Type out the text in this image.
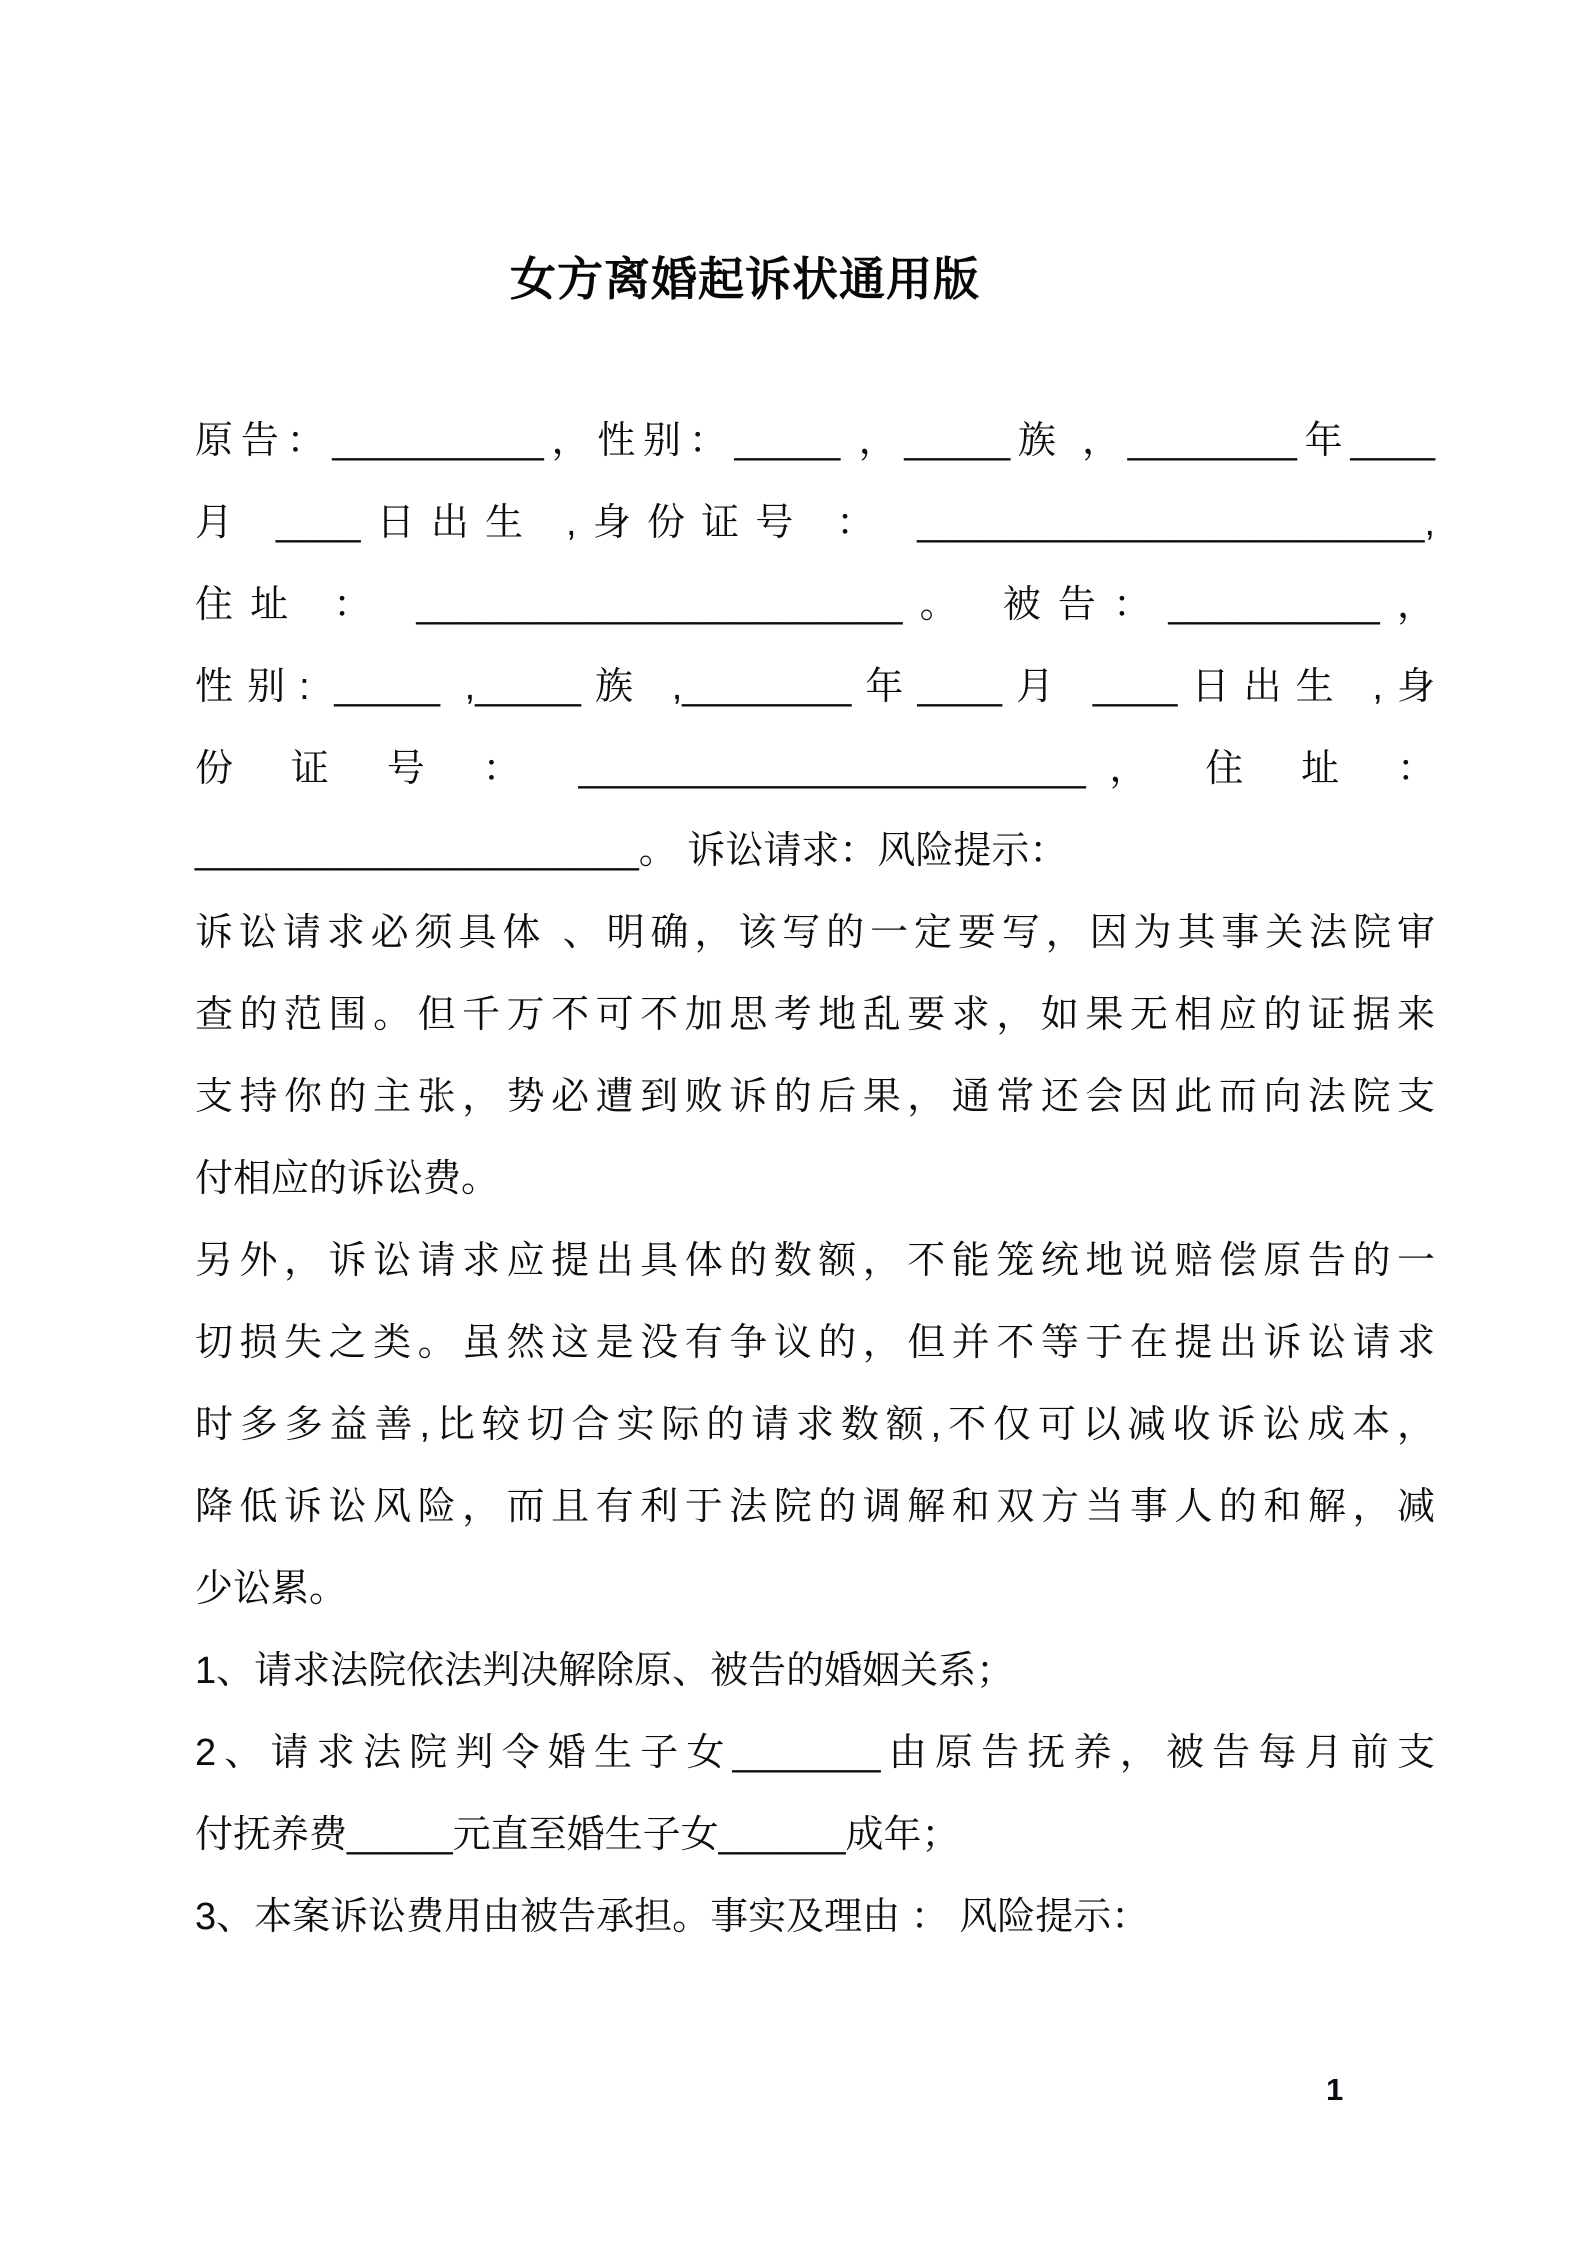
女方离婚起诉状通用版
原告：__________，性别：_____ ，_____族 ，________年____
月 ____日出生 ,身份证号 ： ________________________,
住址 ： _______________________。 被告：__________，
性别: _____ ,_____族 ,________年____月 ____日出生 ,身
份 证 号 ： ________________________， 住 址 ：
_____________________。 诉讼请求：风险提示：
诉讼请求必须具体 、明确，该写的一定要写，因为其事关法院审
查的范围。但千万不可不加思考地乱要求，如果无相应的证据来
支持你的主张，势必遭到败诉的后果，通常还会因此而向法院支
付相应的诉讼费。
另外，诉讼请求应提出具体的数额，不能笼统地说赔偿原告的一
切损失之类。虽然这是没有争议的，但并不等于在提出诉讼请求
时多多益善,比较切合实际的请求数额,不仅可以减收诉讼成本，
降低诉讼风险，而且有利于法院的调解和双方当事人的和解，减
少讼累。
1、请求法院依法判决解除原、被告的婚姻关系；
2、请求法院判令婚生子女_______由原告抚养，被告每月前支
付抚养费_____元直至婚生子女______成年；
3、本案诉讼费用由被告承担。事实及理由 ： 风险提示：
1
